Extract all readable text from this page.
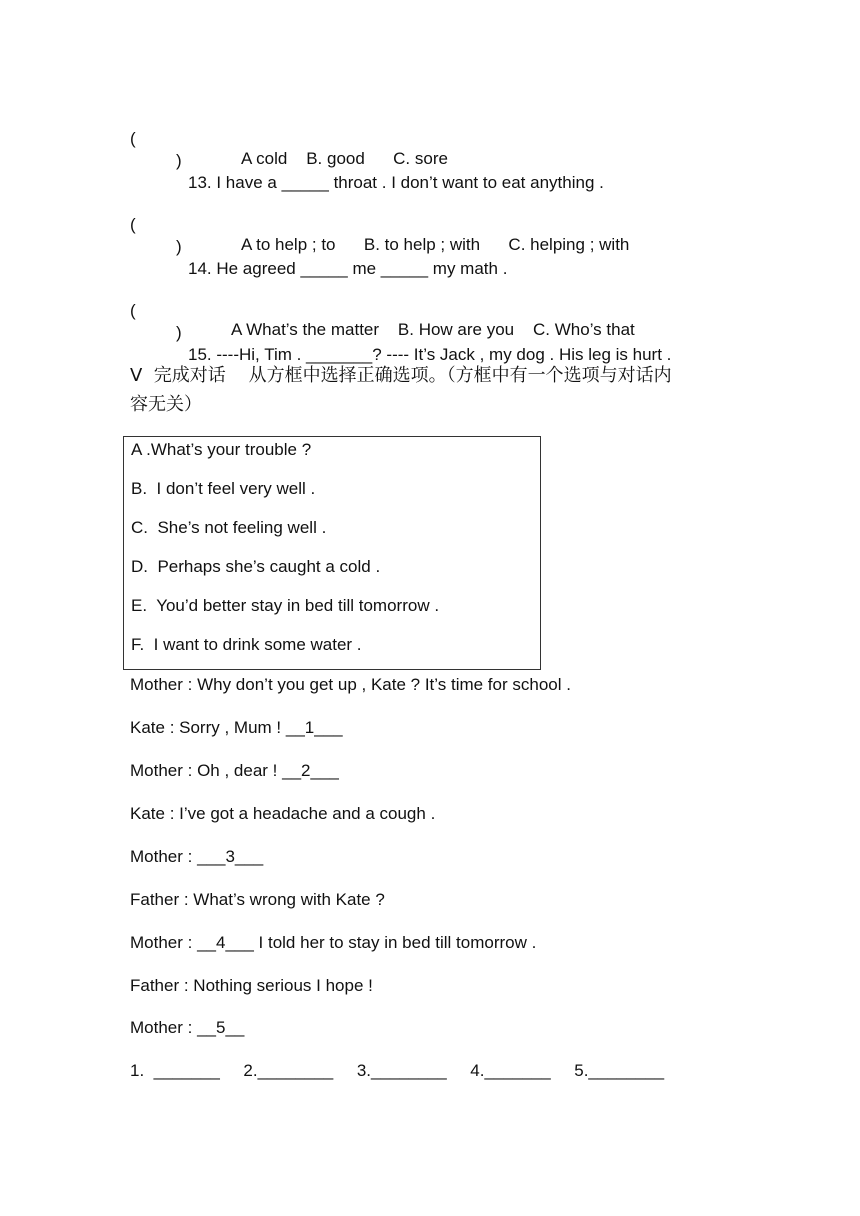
(

)

13. I have a _____ throat . I don’t want to eat anything .

A cold    B. good      C. sore

(

)

14. He agreed _____ me _____ my math .

A to help ; to      B. to help ; with      C. helping ; with

(

)

15. ----Hi, Tim . _______? ---- It’s Jack , my dog . His leg is hurt .

A What’s the matter    B. How are you    C. Who’s that
V  完成对话    从方框中选择正确选项。（方框中有一个选项与对话内
容无关）
A .What’s your trouble ?
B.  I don’t feel very well .
C.  She’s not feeling well .
D.  Perhaps she’s caught a cold .
E.  You’d better stay in bed till tomorrow .
F.  I want to drink some water .
Mother : Why don’t you get up , Kate ? It’s time for school .
Kate : Sorry , Mum ! __1___
Mother : Oh , dear ! __2___
Kate : I’ve got a headache and a cough .
Mother : ___3___
Father : What’s wrong with Kate ?
Mother : __4___ I told her to stay in bed till tomorrow .
Father : Nothing serious I hope !
Mother : __5__
1.  _______     2.________     3.________     4._______     5.________
